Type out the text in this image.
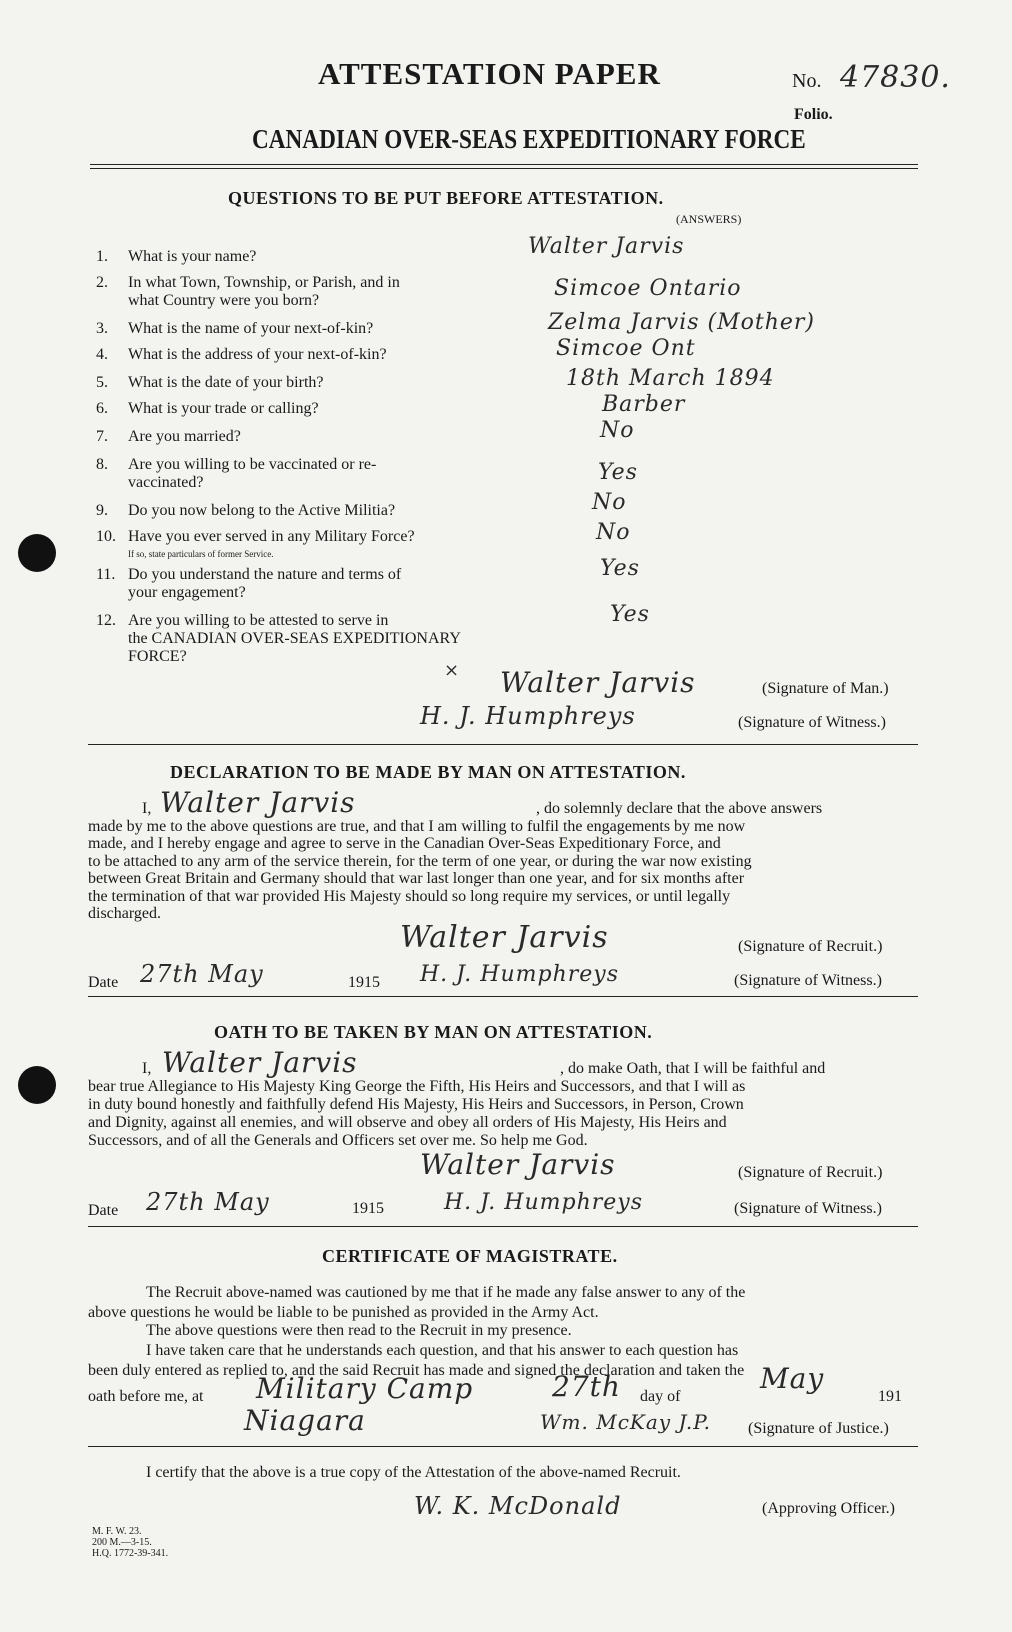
ATTESTATION PAPER	No. 47830.
Folio.
CANADIAN OVER-SEAS EXPEDITIONARY FORCE
QUESTIONS TO BE PUT BEFORE ATTESTATION.
(ANSWERS)
1. What is your name?	Walter Jarvis
2. In what Town, Township, or Parish, and in
what Country were you born?	Simcoe Ontario
3. What is the name of your next-of-kin?	Zelma Jarvis (Mother)
4. What is the address of your next-of-kin?	Simcoe Ont
5. What is the date of your birth?	18th March 1894
6. What is your trade or calling?	Barber
7. Are you married?	No
8. Are you willing to be vaccinated or re-
vaccinated?	Yes
9. Do you now belong to the Active Militia?	No
10. Have you ever served in any Military Force?
If so, state particulars of former Service.
No
11. Do you understand the nature and terms of
your engagement?
Yes
12. Are you willing to be attested to serve in
the CANADIAN OVER-SEAS EXPEDITIONARY
FORCE?
Yes
× Walter Jarvis	(Signature of Man.)
H. J. Humphreys	(Signature of Witness.)
DECLARATION TO BE MADE BY MAN ON ATTESTATION.
I, Walter Jarvis	, do solemnly declare that the above answers
made by me to the above questions are true, and that I am willing to fulfil the engagements by me now
made, and I hereby engage and agree to serve in the Canadian Over-Seas Expeditionary Force, and
to be attached to any arm of the service therein, for the term of one year, or during the war now existing
between Great Britain and Germany should that war last longer than one year, and for six months after
the termination of that war provided His Majesty should so long require my services, or until legally
discharged.
Walter Jarvis	(Signature of Recruit.)
Date 27th May	1915 H. J. Humphreys	(Signature of Witness.)
OATH TO BE TAKEN BY MAN ON ATTESTATION.
I, Walter Jarvis	, do make Oath, that I will be faithful and
bear true Allegiance to His Majesty King George the Fifth, His Heirs and Successors, and that I will as
in duty bound honestly and faithfully defend His Majesty, His Heirs and Successors, in Person, Crown
and Dignity, against all enemies, and will observe and obey all orders of His Majesty, His Heirs and
Successors, and of all the Generals and Officers set over me. So help me God.
Walter Jarvis	(Signature of Recruit.)
Date 27th May	1915	H. J. Humphreys	(Signature of Witness.)
CERTIFICATE OF MAGISTRATE.
The Recruit above-named was cautioned by me that if he made any false answer to any of the
above questions he would be liable to be punished as provided in the Army Act.
The above questions were then read to the Recruit in my presence.
I have taken care that he understands each question, and that his answer to each question has
been duly entered as replied to, and the said Recruit has made and signed the declaration and taken the
oath before me, at Military Camp	27th day of
May
191
Niagara	Wm. McKay J.P. (Signature of Justice.)
I certify that the above is a true copy of the Attestation of the above-named Recruit.
W. K. McDonald	(Approving Officer.)
M. F. W. 23.
200 M.—3-15.
H.Q. 1772-39-341.
